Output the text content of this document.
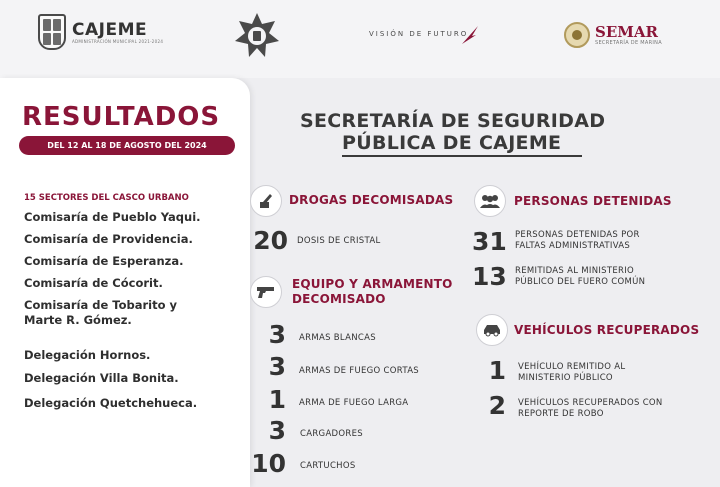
CAJEME
ADMINISTRACIÓN MUNICIPAL 2021-2024
VISIÓN DE FUTURO	SEMAR
SECRETARÍA DE MARINA
RESULTADOS
DEL 12 AL 18 DE AGOSTO DEL 2024
15 SECTORES DEL CASCO URBANO
Comisaría de Pueblo Yaqui.
Comisaría de Providencia.
Comisaría de Esperanza.
Comisaría de Cócorit.
Comisaría de Tobarito y
Marte R. Gómez.
Delegación Hornos.
Delegación Villa Bonita.
Delegación Quetchehueca.
SECRETARÍA DE SEGURIDAD
PÚBLICA DE CAJEME
DROGAS DECOMISADAS
20 DOSIS DE CRISTAL
EQUIPO Y ARMAMENTO
DECOMISADO
3 ARMAS BLANCAS
3 ARMAS DE FUEGO CORTAS
1 ARMA DE FUEGO LARGA
3 CARGADORES
10 CARTUCHOS
PERSONAS DETENIDAS
31 PERSONAS DETENIDAS POR
FALTAS ADMINISTRATIVAS
13 REMITIDAS AL MINISTERIO
PÚBLICO DEL FUERO COMÚN
VEHÍCULOS RECUPERADOS
1 VEHÍCULO REMITIDO AL
MINISTERIO PÚBLICO
2 VEHÍCULOS RECUPERADOS CON
REPORTE DE ROBO
